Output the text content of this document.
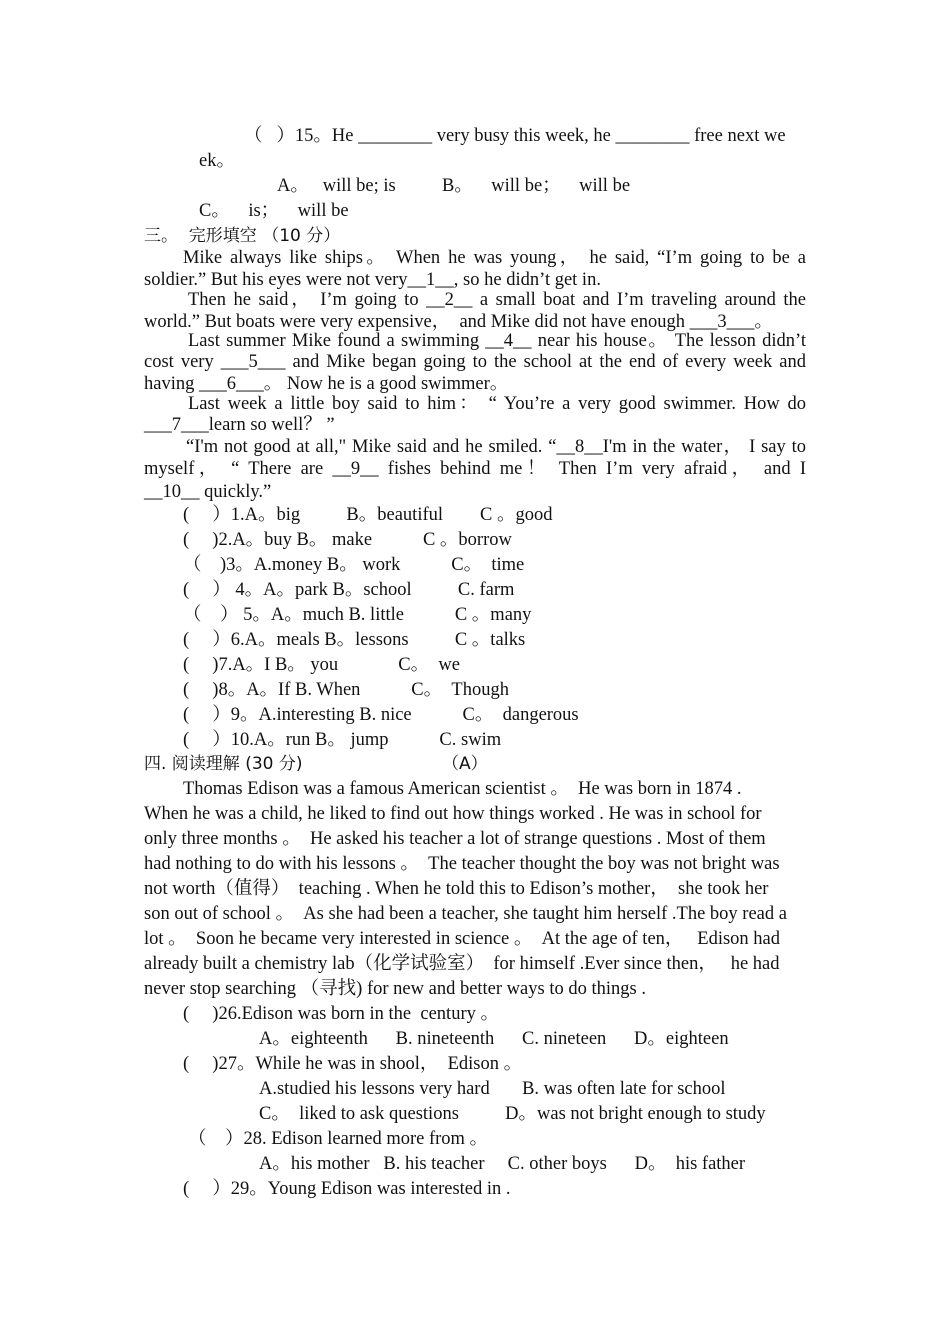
（   ）15。He ________ very busy this week, he ________ free next we
ek。
A。   will be; is          B。    will be；    will be
C。    is；    will be
三。  完形填空 （10 分）
Mike always like ships。 When he was young， he said, “I’m going to be a
soldier.” But his eyes were not very__1__, so he didn’t get in.
Then he said， I’m going to __2__ a small boat and I’m traveling around the
world.” But boats were very expensive，  and Mike did not have enough ___3___。
Last summer Mike found a swimming __4__ near his house。 The lesson didn’t
cost very ___5___ and Mike began going to the school at the end of every week and
having ___6___。 Now he is a good swimmer。
Last week a little boy said to him： “ You’re a very good swimmer. How do
___7___learn so well？ ”
“I'm not good at all," Mike said and he smiled. “__8__I'm in the water， I say to
myself， “ There are __9__ fishes behind me！ Then I’m very afraid， and I
__10__ quickly.”
(     ）1.A。big          B。beautiful        C 。good
(     )2.A。buy B。 make           C 。borrow
（    )3。A.money B。 work           C。  time
(     ） 4。A。park B。school          C. farm
（    ） 5。A。much B. little           C 。many
(     ）6.A。meals B。lessons          C 。talks
(     )7.A。I B。 you             C。  we
(     )8。A。If B. When           C。  Though
(     ）9。A.interesting B. nice           C。  dangerous
(     ）10.A。run B。 jump           C. swim
四. 阅读理解 (30 分)	（A）
Thomas Edison was a famous American scientist 。  He was born in 1874 .
When he was a child, he liked to find out how things worked . He was in school for
only three months 。  He asked his teacher a lot of strange questions . Most of them
had nothing to do with his lessons 。  The teacher thought the boy was not bright was
not worth（值得）  teaching . When he told this to Edison’s mother，  she took her
son out of school 。  As she had been a teacher, she taught him herself .The boy read a
lot 。  Soon he became very interested in science 。  At the age of ten，   Edison had
already built a chemistry lab（化学试验室）  for himself .Ever since then，   he had
never stop searching （寻找) for new and better ways to do things .
(     )26.Edison was born in the  century 。
A。eighteenth      B. nineteenth      C. nineteen      D。eighteen
(     )27。While he was in shool，  Edison 。
A.studied his lessons very hard       B. was often late for school
C。  liked to ask questions          D。was not bright enough to study
（    ）28. Edison learned more from 。
A。his mother   B. his teacher     C. other boys      D。  his father
(     ）29。Young Edison was interested in .
